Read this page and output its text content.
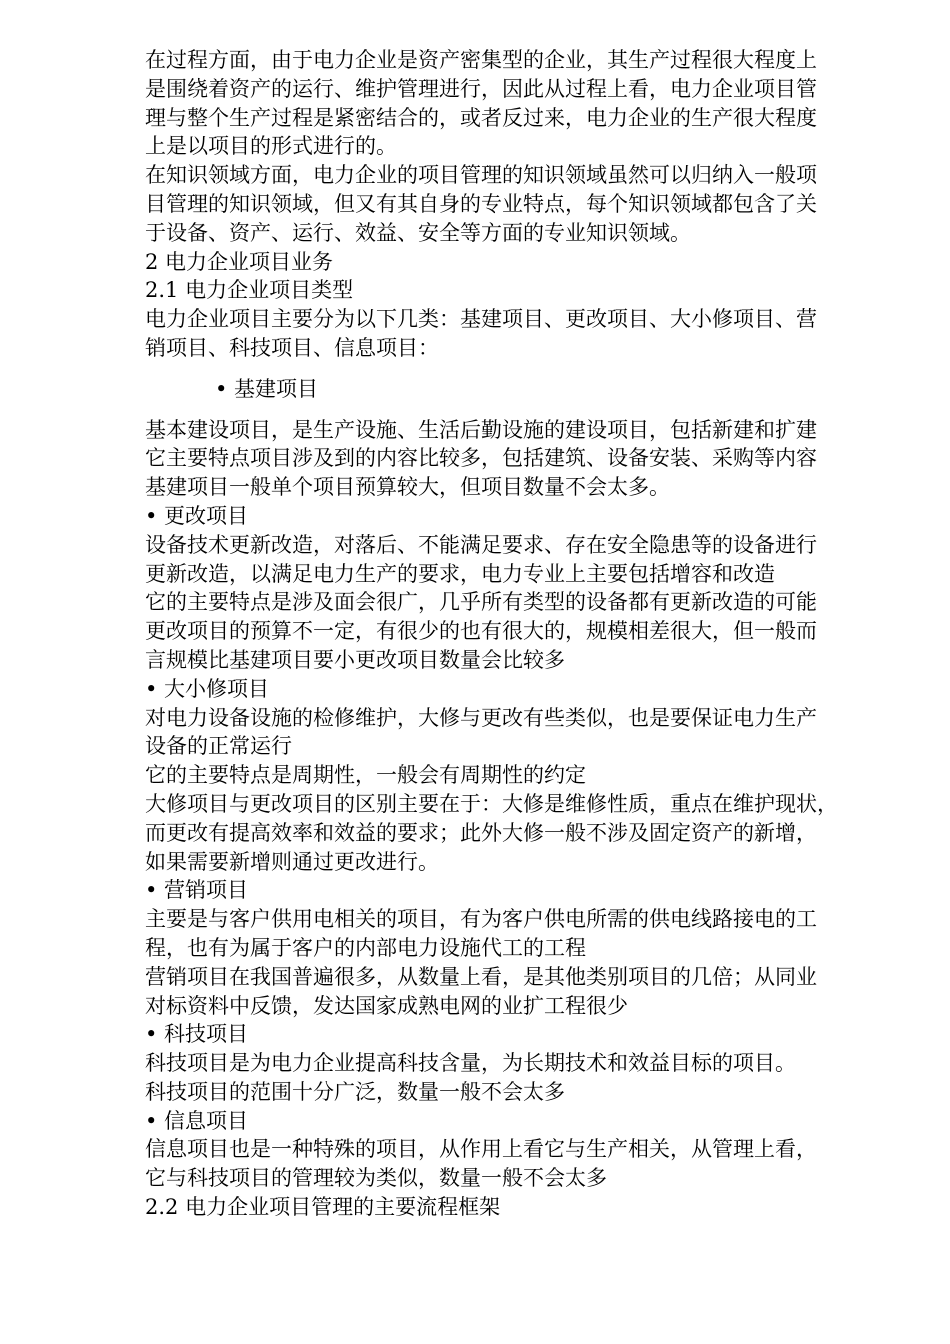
在过程方面，由于电力企业是资产密集型的企业，其生产过程很大程度上

是围绕着资产的运行、维护管理进行，因此从过程上看，电力企业项目管

理与整个生产过程是紧密结合的，或者反过来，电力企业的生产很大程度

上是以项目的形式进行的。

在知识领域方面，电力企业的项目管理的知识领域虽然可以归纳入一般项

目管理的知识领域，但又有其自身的专业特点，每个知识领域都包含了关

于设备、资产、运行、效益、安全等方面的专业知识领域。

2 电力企业项目业务

2.1 电力企业项目类型

电力企业项目主要分为以下几类：基建项目、更改项目、大小修项目、营

销项目、科技项目、信息项目：

• 基建项目

基本建设项目，是生产设施、生活后勤设施的建设项目，包括新建和扩建

它主要特点项目涉及到的内容比较多，包括建筑、设备安装、采购等内容

基建项目一般单个项目预算较大，但项目数量不会太多。

• 更改项目

设备技术更新改造，对落后、不能满足要求、存在安全隐患等的设备进行

更新改造，以满足电力生产的要求，电力专业上主要包括增容和改造

它的主要特点是涉及面会很广，几乎所有类型的设备都有更新改造的可能

更改项目的预算不一定，有很少的也有很大的，规模相差很大，但一般而

言规模比基建项目要小更改项目数量会比较多

• 大小修项目

对电力设备设施的检修维护，大修与更改有些类似，也是要保证电力生产

设备的正常运行

它的主要特点是周期性，一般会有周期性的约定

大修项目与更改项目的区别主要在于：大修是维修性质，重点在维护现状，

而更改有提高效率和效益的要求；此外大修一般不涉及固定资产的新增，

如果需要新增则通过更改进行。

• 营销项目

主要是与客户供用电相关的项目，有为客户供电所需的供电线路接电的工

程，也有为属于客户的内部电力设施代工的工程

营销项目在我国普遍很多，从数量上看，是其他类别项目的几倍；从同业

对标资料中反馈，发达国家成熟电网的业扩工程很少

• 科技项目

科技项目是为电力企业提高科技含量，为长期技术和效益目标的项目。

科技项目的范围十分广泛，数量一般不会太多

• 信息项目

信息项目也是一种特殊的项目，从作用上看它与生产相关，从管理上看，

它与科技项目的管理较为类似，数量一般不会太多

2.2 电力企业项目管理的主要流程框架
